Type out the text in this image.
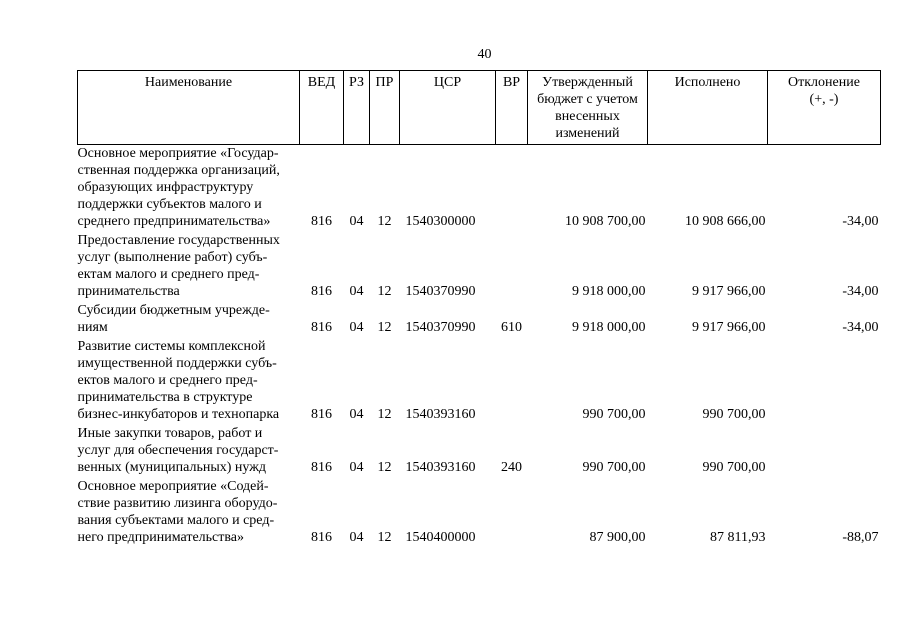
40
Наименование	ВЕД	РЗ	ПР	ЦСР	ВР	Утвержденный
бюджет с учетом
внесенных
изменений	Исполнено	Отклонение
(+, -)

Основное мероприятие «Государ-
ственная поддержка организаций,
образующих инфраструктуру
поддержки субъектов малого и
среднего предпринимательства»	816	04	12	1540300000		10 908 700,00	10 908 666,00	-34,00

Предоставление государственных
услуг (выполнение работ) субъ-
ектам малого и среднего пред-
принимательства	816	04	12	1540370990		9 918 000,00	9 917 966,00	-34,00

Субсидии бюджетным учрежде-
ниям	816	04	12	1540370990	610	9 918 000,00	9 917 966,00	-34,00

Развитие системы комплексной
имущественной поддержки субъ-
ектов малого и среднего пред-
принимательства в структуре
бизнес-инкубаторов и технопарка	816	04	12	1540393160		990 700,00	990 700,00	

Иные закупки товаров, работ и
услуг для обеспечения государст-
венных (муниципальных) нужд	816	04	12	1540393160	240	990 700,00	990 700,00	

Основное мероприятие «Содей-
ствие развитию лизинга оборудо-
вания субъектами малого и сред-
него предпринимательства»	816	04	12	1540400000		87 900,00	87 811,93	-88,07
